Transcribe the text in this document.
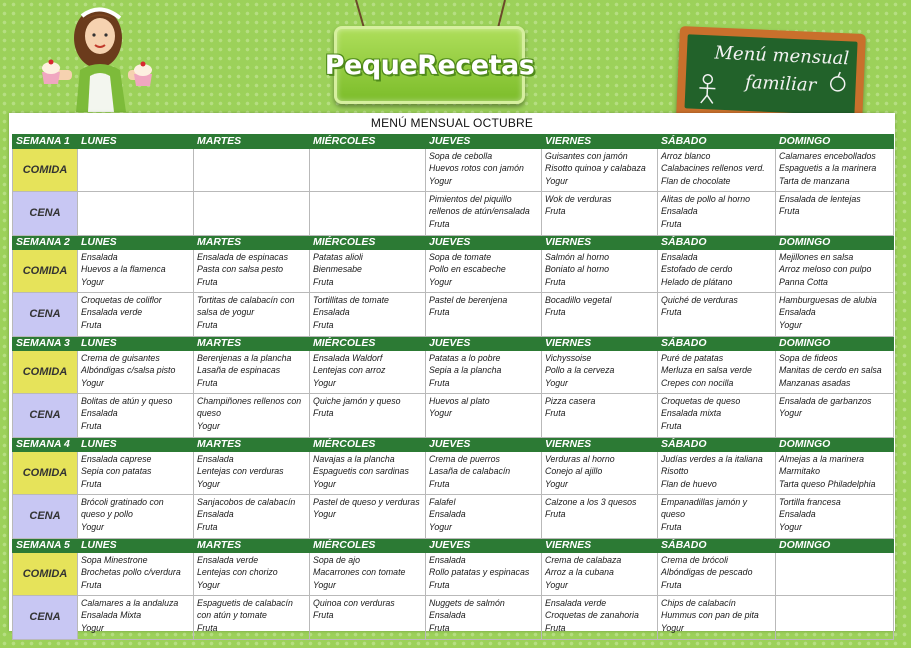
PequeRecetas	Menú mensual
familiar

MENÚ MENSUAL OCTUBRE
SEMANA 1	LUNES	MARTES	MIÉRCOLES	JUEVES	VIERNES	SÁBADO	DOMINGO
COMIDA				Sopa de cebolla
Huevos rotos con jamón
Yogur	Guisantes con jamón
Risotto quinoa y calabaza
Yogur	Arroz blanco
Calabacines rellenos verd.
Flan de chocolate	Calamares encebollados
Espaguetis a la marinera
Tarta de manzana

CENA				Pimientos del piquillo
rellenos de atún/ensalada
Fruta	Wok de verduras
Fruta	Alitas de pollo al horno
Ensalada
Fruta	Ensalada de lentejas
Fruta

SEMANA 2	LUNES	MARTES	MIÉRCOLES	JUEVES	VIERNES	SÁBADO	DOMINGO
COMIDA	Ensalada
Huevos a la flamenca
Yogur	Ensalada de espinacas
Pasta con salsa pesto
Fruta	Patatas alioli
Bienmesabe
Fruta	Sopa de tomate
Pollo en escabeche
Yogur	Salmón al horno
Boniato al horno
Fruta	Ensalada
Estofado de cerdo
Helado de plátano	Mejillones en salsa
Arroz meloso con pulpo
Panna Cotta

CENA	Croquetas de coliflor
Ensalada verde
Fruta	Tortitas de calabacín con
salsa de yogur
Fruta	Tortillitas de tomate
Ensalada
Fruta	Pastel de berenjena
Fruta	Bocadillo vegetal
Fruta	Quiché de verduras
Fruta	Hamburguesas de alubia
Ensalada
Yogur

SEMANA 3	LUNES	MARTES	MIÉRCOLES	JUEVES	VIERNES	SÁBADO	DOMINGO
COMIDA	Crema de guisantes
Albóndigas c/salsa pisto
Yogur	Berenjenas a la plancha
Lasaña de espinacas
Fruta	Ensalada Waldorf
Lentejas con arroz
Yogur	Patatas a lo pobre
Sepia a la plancha
Fruta	Vichyssoise
Pollo a la cerveza
Yogur	Puré de patatas
Merluza en salsa verde
Crepes con nocilla	Sopa de fideos
Manitas de cerdo en salsa
Manzanas asadas

CENA	Bolitas de atún y queso
Ensalada
Fruta	Champiñones rellenos con
queso
Yogur	Quiche jamón y queso
Fruta	Huevos al plato
Yogur	Pizza casera
Fruta	Croquetas de queso
Ensalada mixta
Fruta	Ensalada de garbanzos
Yogur

SEMANA 4	LUNES	MARTES	MIÉRCOLES	JUEVES	VIERNES	SÁBADO	DOMINGO
COMIDA	Ensalada caprese
Sepia con patatas
Fruta	Ensalada
Lentejas con verduras
Yogur	Navajas a la plancha
Espaguetis con sardinas
Yogur	Crema de puerros
Lasaña de calabacín
Fruta	Verduras al horno
Conejo al ajillo
Yogur	Judías verdes a la italiana
Risotto
Flan de huevo	Almejas a la marinera
Marmitako
Tarta queso Philadelphia

CENA	Brócoli gratinado con
queso y pollo
Yogur	Sanjacobos de calabacín
Ensalada
Fruta	Pastel de queso y verduras
Yogur	Falafel
Ensalada
Yogur	Calzone a los 3 quesos
Fruta	Empanadillas jamón y
queso
Fruta	Tortilla francesa
Ensalada
Yogur

SEMANA 5	LUNES	MARTES	MIÉRCOLES	JUEVES	VIERNES	SÁBADO	DOMINGO
COMIDA	Sopa Minestrone
Brochetas pollo c/verdura
Fruta	Ensalada verde
Lentejas con chorizo
Yogur	Sopa de ajo
Macarrones con tomate
Yogur	Ensalada
Rollo patatas y espinacas
Fruta	Crema de calabaza
Arroz a la cubana
Yogur	Crema de brócoli
Albóndigas de pescado
Fruta	

CENA	Calamares a la andaluza
Ensalada Mixta
Yogur	Espaguetis de calabacín
con atún y tomate
Fruta	Quinoa con verduras
Fruta	Nuggets de salmón
Ensalada
Fruta	Ensalada verde
Croquetas de zanahoria
Fruta	Chips de calabacín
Hummus con pan de pita
Yogur	
